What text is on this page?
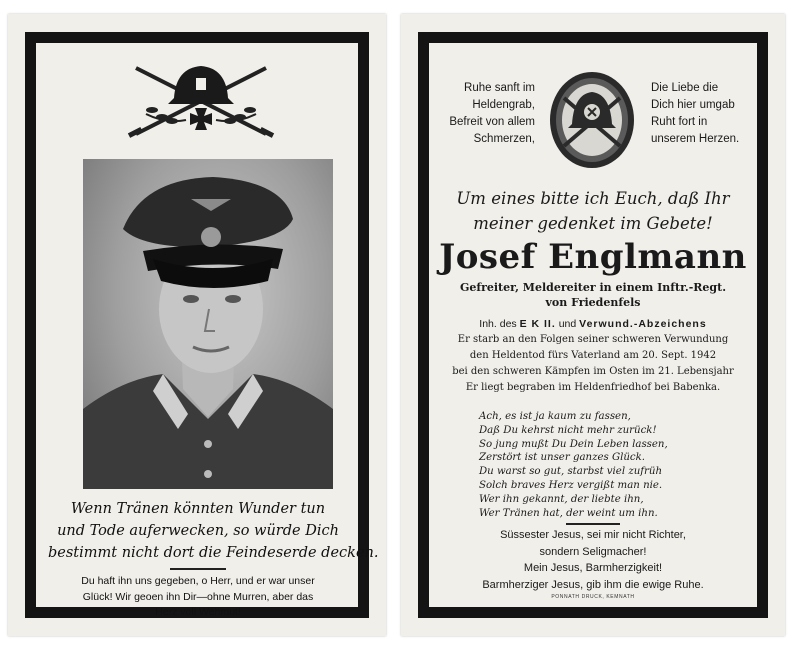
Wenn Tränen könnten Wunder tun
und Tode auferwecken, so würde Dich
bestimmt nicht dort die Feindeserde decken.
Du haft ihn uns gegeben, o Herr, und er war unser
Glück! Wir geoen ihn Dir—ohne Murren, aber das
Herz voll Wehmut!
Ruhe sanft im
Heldengrab,
Befreit von allem
Schmerzen,
Die Liebe die
Dich hier umgab
Ruht fort in
unserem Herzen.
Um eines bitte ich Euch, daß Ihr
meiner gedenket im Gebete!
Josef Englmann
Gefreiter, Meldereiter in einem Inftr.-Regt.
von Friedenfels
Inh. des E K II. und Verwund.-Abzeichens
Er starb an den Folgen seiner schweren Verwundung
den Heldentod fürs Vaterland am 20. Sept. 1942
bei den schweren Kämpfen im Osten im 21. Lebensjahr
Er liegt begraben im Heldenfriedhof bei Babenka.
Ach, es ist ja kaum zu fassen,
Daß Du kehrst nicht mehr zurück!
So jung mußt Du Dein Leben lassen,
Zerstört ist unser ganzes Glück.
Du warst so gut, starbst viel zufrüh
Solch braves Herz vergißt man nie.
Wer ihn gekannt, der liebte ihn,
Wer Tränen hat, der weint um ihn.
Süssester Jesus, sei mir nicht Richter,
sondern Seligmacher!
Mein Jesus, Barmherzigkeit!
Barmherziger Jesus, gib ihm die ewige Ruhe.
PONNATH DRUCK, KEMNATH
